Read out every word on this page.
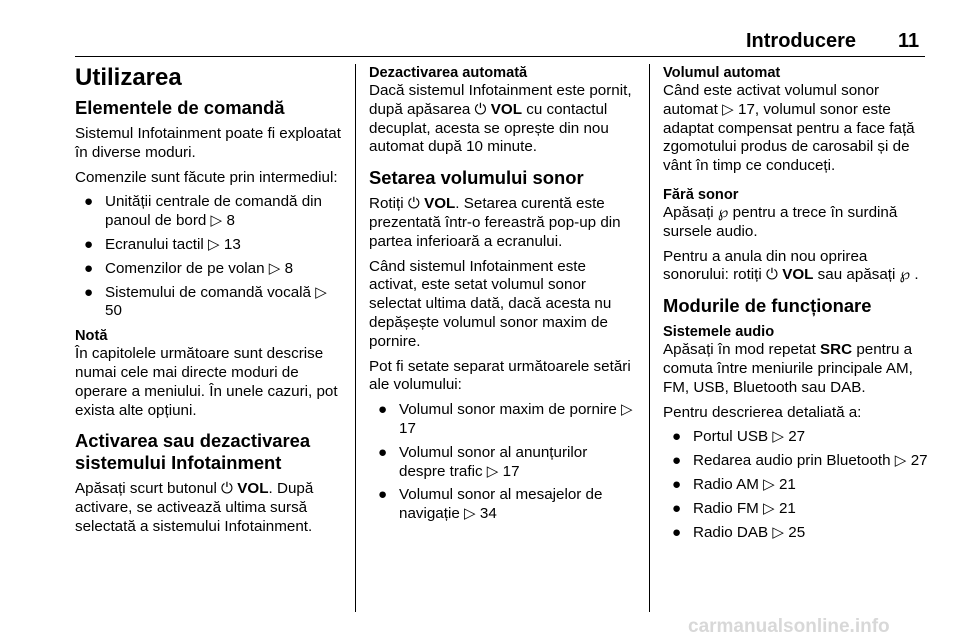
Introducere 11
Utilizarea
Elementele de comandă

Sistemul Infotainment poate fi exploatat în diverse moduri.

Comenzile sunt făcute prin intermediul:

● Unității centrale de comandă din panoul de bord ▷ 8
● Ecranului tactil ▷ 13
● Comenzilor de pe volan ▷ 8
● Sistemului de comandă vocală ▷ 50
Notă

În capitolele următoare sunt descrise numai cele mai directe moduri de operare a meniului. În unele cazuri, pot exista alte opțiuni.

Activarea sau dezactivarea sistemului Infotainment

Apăsați scurt butonul ⏻ VOL. După activare, se activează ultima sursă selectată a sistemului Infotainment.

Dezactivarea automată

Dacă sistemul Infotainment este pornit, după apăsarea ⏻ VOL cu contactul decuplat, acesta se oprește din nou automat după 10 minute.

Setarea volumului sonor

Rotiți ⏻ VOL. Setarea curentă este prezentată într-o fereastră pop-up din partea inferioară a ecranului.

Când sistemul Infotainment este activat, este setat volumul sonor selectat ultima dată, dacă acesta nu depășește volumul sonor maxim de pornire.

Pot fi setate separat următoarele setări ale volumului:

● Volumul sonor maxim de pornire ▷ 17
● Volumul sonor al anunțurilor despre trafic ▷ 17
● Volumul sonor al mesajelor de navigație ▷ 34
Volumul automat

Când este activat volumul sonor automat ▷ 17, volumul sonor este adaptat compensat pentru a face față zgomotului produs de carosabil și de vânt în timp ce conduceți.

Fără sonor

Apăsați ℘ pentru a trece în surdină sursele audio.

Pentru a anula din nou oprirea sonorului: rotiți ⏻ VOL sau apăsați ℘ .

Modurile de funcționare
Sistemele audio

Apăsați în mod repetat SRC pentru a comuta între meniurile principale AM, FM, USB, Bluetooth sau DAB.

Pentru descrierea detaliată a:

● Portul USB ▷ 27
● Redarea audio prin Bluetooth ▷ 27
● Radio AM ▷ 21
● Radio FM ▷ 21
● Radio DAB ▷ 25
carmanualsonline.info
